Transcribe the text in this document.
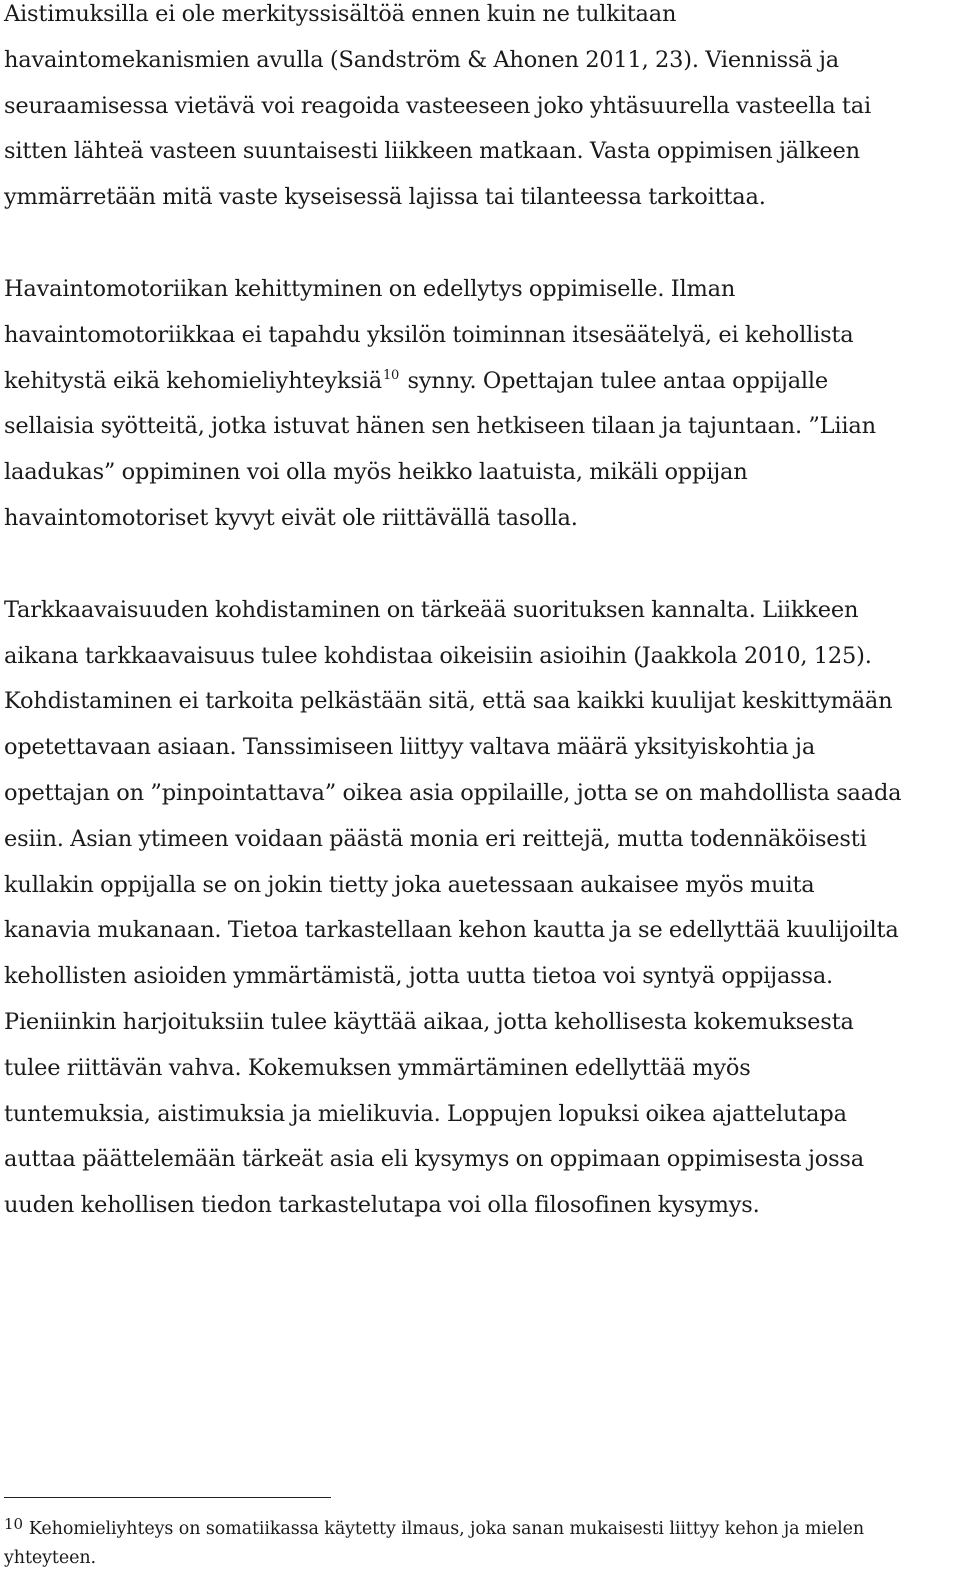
Aistimuksilla ei ole merkityssisältöä ennen kuin ne tulkitaan
havaintomekanismien avulla (Sandström & Ahonen 2011, 23). Viennissä ja
seuraamisessa vietävä voi reagoida vasteeseen joko yhtäsuurella vasteella tai
sitten lähteä vasteen suuntaisesti liikkeen matkaan. Vasta oppimisen jälkeen
ymmärretään mitä vaste kyseisessä lajissa tai tilanteessa tarkoittaa.

Havaintomotoriikan kehittyminen on edellytys oppimiselle. Ilman
havaintomotoriikkaa ei tapahdu yksilön toiminnan itsesäätelyä, ei kehollista
kehitystä eikä kehomieliyhteyksiä$^{10}$ synny. Opettajan tulee antaa oppijalle
sellaisia syötteitä, jotka istuvat hänen sen hetkiseen tilaan ja tajuntaan. ”Liian
laadukas” oppiminen voi olla myös heikko laatuista, mikäli oppijan
havaintomotoriset kyvyt eivät ole riittävällä tasolla.

Tarkkaavaisuuden kohdistaminen on tärkeää suorituksen kannalta. Liikkeen
aikana tarkkaavaisuus tulee kohdistaa oikeisiin asioihin (Jaakkola 2010, 125).
Kohdistaminen ei tarkoita pelkästään sitä, että saa kaikki kuulijat keskittymään
opetettavaan asiaan. Tanssimiseen liittyy valtava määrä yksityiskohtia ja
opettajan on ”pinpointattava” oikea asia oppilaille, jotta se on mahdollista saada
esiin. Asian ytimeen voidaan päästä monia eri reittejä, mutta todennäköisesti
kullakin oppijalla se on jokin tietty joka auetessaan aukaisee myös muita
kanavia mukanaan. Tietoa tarkastellaan kehon kautta ja se edellyttää kuulijoilta
kehollisten asioiden ymmärtämistä, jotta uutta tietoa voi syntyä oppijassa.
Pieniinkin harjoituksiin tulee käyttää aikaa, jotta kehollisesta kokemuksesta
tulee riittävän vahva. Kokemuksen ymmärtäminen edellyttää myös
tuntemuksia, aistimuksia ja mielikuvia. Loppujen lopuksi oikea ajattelutapa
auttaa päättelemään tärkeät asia eli kysymys on oppimaan oppimisesta jossa
uuden kehollisen tiedon tarkastelutapa voi olla filosofinen kysymys.

10 Kehomieliyhteys on somatiikassa käytetty ilmaus, joka sanan mukaisesti liittyy kehon ja mielen
yhteyteen.
